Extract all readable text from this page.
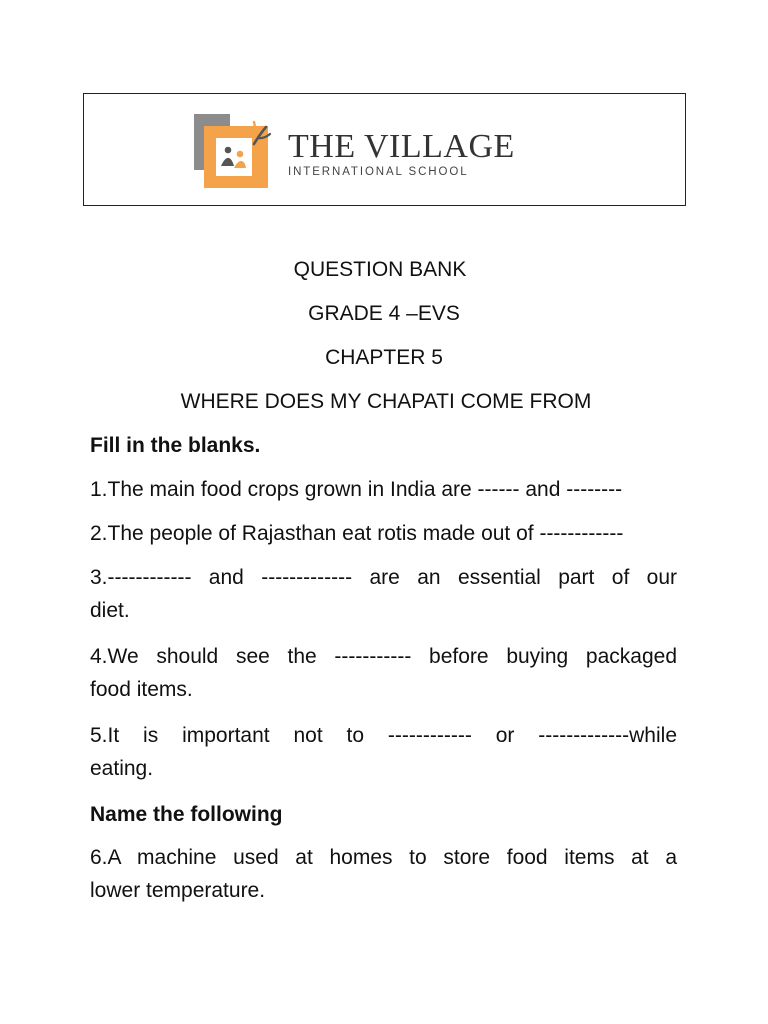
THE VILLAGE
INTERNATIONAL SCHOOL
QUESTION BANK
GRADE 4 –EVS
CHAPTER 5
WHERE DOES MY CHAPATI COME FROM
Fill in the blanks.
1.The main food crops grown in India are ------ and --------
2.The people of Rajasthan eat rotis made out of ------------
3.------------ and ------------- are an essential part of our
diet.
4.We should see the ----------- before buying packaged
food items.
5.It is important not to ------------ or -------------while
eating.
Name the following
6.A machine used at homes to store food items at a
lower temperature.
